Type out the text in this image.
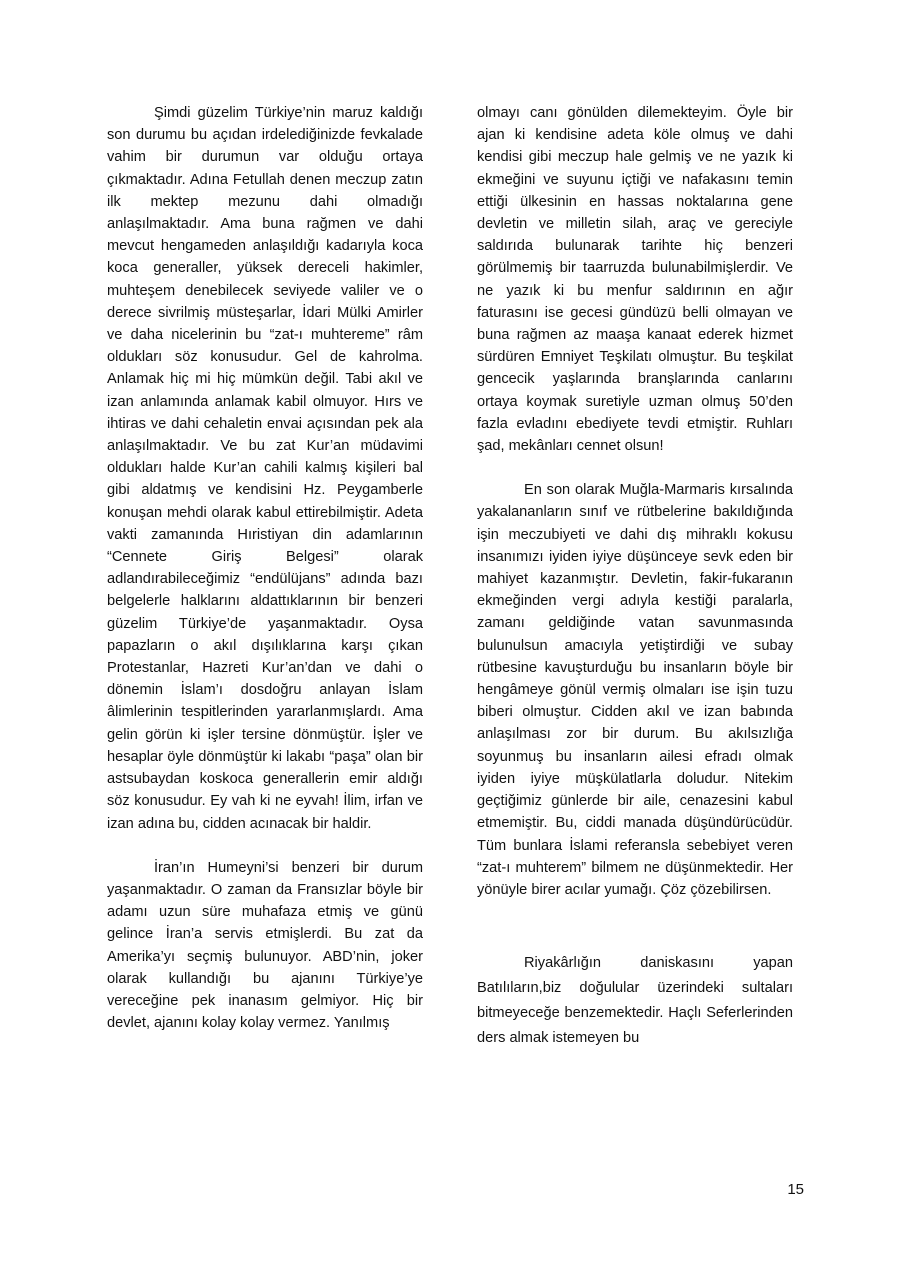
Şimdi güzelim Türkiye’nin maruz kaldığı son durumu bu açıdan irdelediğinizde fevkalade vahim bir durumun var olduğu ortaya çıkmaktadır. Adına Fetullah denen meczup zatın ilk mektep mezunu dahi olmadığı anlaşılmaktadır. Ama buna rağmen ve dahi mevcut hengameden anlaşıldığı kadarıyla koca koca generaller, yüksek dereceli hakimler, muhteşem denebilecek seviyede valiler ve o derece sivrilmiş müsteşarlar, İdari Mülki Amirler ve daha nicelerinin bu “zat-ı muhtereme” râm oldukları söz konusudur. Gel de kahrolma. Anlamak hiç mi hiç mümkün değil. Tabi akıl ve izan anlamında anlamak kabil olmuyor. Hırs ve ihtiras ve dahi cehaletin envai açısından pek ala anlaşılmaktadır. Ve bu zat Kur’an müdavimi oldukları halde Kur’an cahili kalmış kişileri bal gibi aldatmış ve kendisini Hz. Peygamberle konuşan mehdi olarak kabul ettirebilmiştir. Adeta vakti zamanında Hıristiyan din adamlarının “Cennete Giriş Belgesi” olarak adlandırabileceğimiz “endülüjans” adında bazı belgelerle halklarını aldattıklarının bir benzeri güzelim Türkiye’de yaşanmaktadır. Oysa papazların o akıl dışılıklarına karşı çıkan Protestanlar, Hazreti Kur’an’dan ve dahi o dönemin İslam’ı dosdoğru anlayan İslam âlimlerinin tespitlerinden yararlanmışlardı. Ama gelin görün ki işler tersine dönmüştür. İşler ve hesaplar öyle dönmüştür ki lakabı “paşa” olan bir astsubaydan koskoca generallerin emir aldığı söz konusudur. Ey vah ki ne eyvah! İlim, irfan ve izan adına bu, cidden acınacak bir haldir.

İran’ın Humeyni’si benzeri bir durum yaşanmaktadır. O zaman da Fransızlar böyle bir adamı uzun süre muhafaza etmiş ve günü gelince İran’a servis etmişlerdi. Bu zat da Amerika’yı seçmiş bulunuyor. ABD’nin, joker olarak kullandığı bu ajanını Türkiye’ye vereceğine pek inanasım gelmiyor. Hiç bir devlet, ajanını kolay kolay vermez. Yanılmış

olmayı canı gönülden dilemekteyim. Öyle bir ajan ki kendisine adeta köle olmuş ve dahi kendisi gibi meczup hale gelmiş ve ne yazık ki ekmeğini ve suyunu içtiği ve nafakasını temin ettiği ülkesinin en hassas noktalarına gene devletin ve milletin silah, araç ve gereciyle saldırıda bulunarak tarihte hiç benzeri görülmemiş bir taarruzda bulunabilmişlerdir. Ve ne yazık ki bu menfur saldırının en ağır faturasını ise gecesi gündüzü belli olmayan ve buna rağmen az maaşa kanaat ederek hizmet sürdüren Emniyet Teşkilatı olmuştur. Bu teşkilat gencecik yaşlarında branşlarında canlarını ortaya koymak suretiyle uzman olmuş 50’den fazla evladını ebediyete tevdi etmiştir. Ruhları şad, mekânları cennet olsun!

En son olarak Muğla-Marmaris kırsalında yakalananların sınıf ve rütbelerine bakıldığında işin meczubiyeti ve dahi dış mihraklı kokusu insanımızı iyiden iyiye düşünceye sevk eden bir mahiyet kazanmıştır. Devletin, fakir-fukaranın ekmeğinden vergi adıyla kestiği paralarla, zamanı geldiğinde vatan savunmasında bulunulsun amacıyla yetiştirdiği ve subay rütbesine kavuşturduğu bu insanların böyle bir hengâmeye gönül vermiş olmaları ise işin tuzu biberi olmuştur. Cidden akıl ve izan babında anlaşılması zor bir durum. Bu akılsızlığa soyunmuş bu insanların ailesi efradı olmak iyiden iyiye müşkülatlarla doludur. Nitekim geçtiğimiz günlerde bir aile, cenazesini kabul etmemiştir. Bu, ciddi manada düşündürücüdür. Tüm bunlara İslami referansla sebebiyet veren “zat-ı muhterem” bilmem ne düşünmektedir. Her yönüyle birer acılar yumağı. Çöz çözebilirsen.

Riyakârlığın daniskasını yapan Batılıların,biz doğulular üzerindeki sultaları bitmeyeceğe benzemektedir. Haçlı Seferlerinden ders almak istemeyen bu

15
